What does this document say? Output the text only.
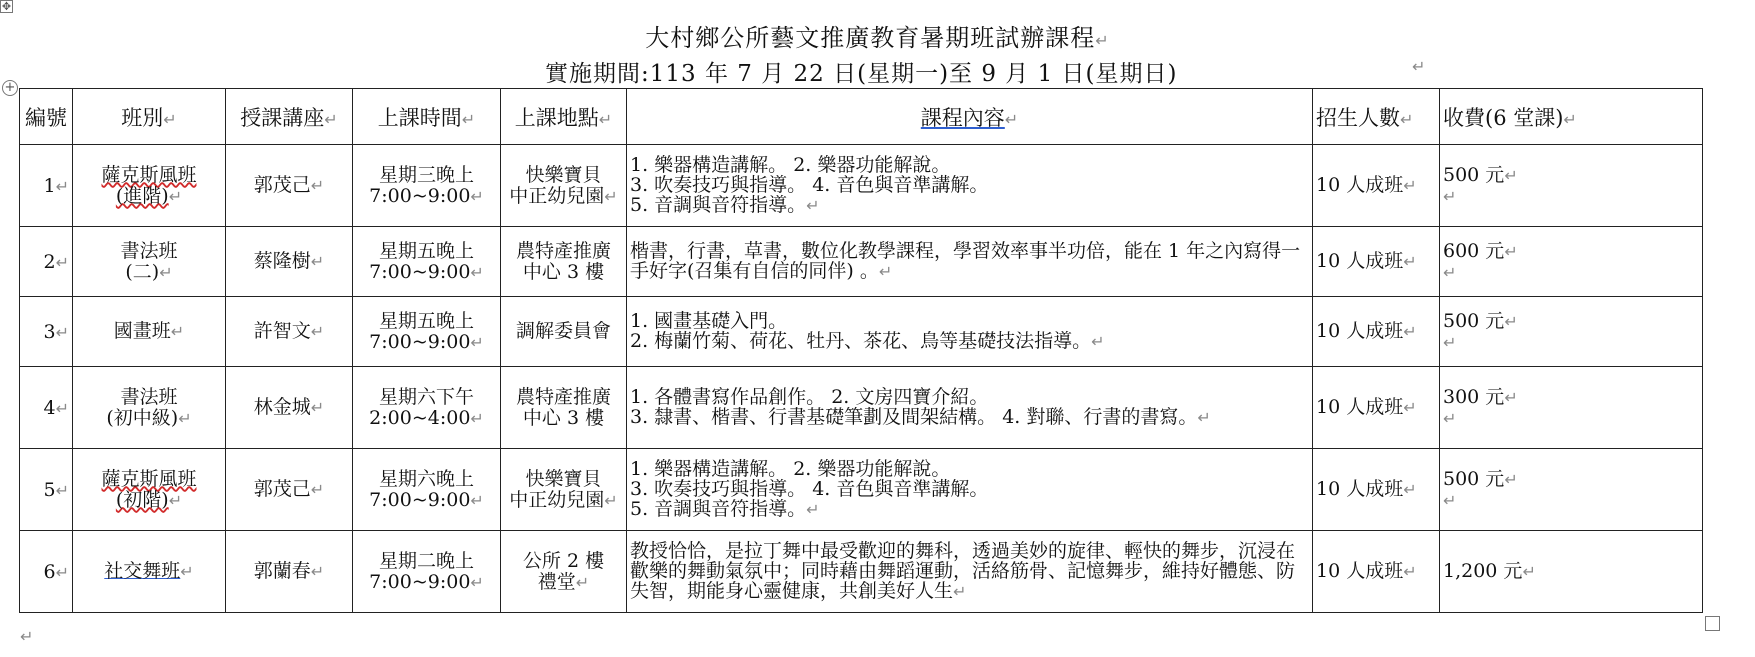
✥
+
大村鄉公所藝文推廣教育暑期班試辦課程↵
實施期間:113 年 7 月 22 日(星期一)至 9 月 1 日(星期日)	↵
編號	班別↵	授課講座↵	上課時間↵	上課地點↵	課程內容↵	招生人數↵	收費(6 堂課)↵
1↵	薩克斯風班
(進階)↵	郭茂己↵	星期三晚上
7:00~9:00↵	快樂寶貝
中正幼兒園↵	1. 樂器構造講解。 2. 樂器功能解說。
3. 吹奏技巧與指導。 4. 音色與音準講解。
5. 音調與音符指導。↵	10 人成班↵	500 元↵
↵
2↵	書法班
(二)↵	蔡隆樹↵	星期五晚上
7:00~9:00↵	農特產推廣
中心 3 樓	楷書，行書，草書，數位化教學課程，學習效率事半功倍，能在 1 年之內寫得一手好字(召集有自信的同伴) 。↵	10 人成班↵	600 元↵
↵
3↵	國畫班↵	許智文↵	星期五晚上
7:00~9:00↵	調解委員會	1. 國畫基礎入門。
2. 梅蘭竹菊、荷花、牡丹、茶花、鳥等基礎技法指導。↵	10 人成班↵	500 元↵
↵
4↵	書法班
(初中級)↵	林金城↵	星期六下午
2:00~4:00↵	農特產推廣
中心 3 樓	1. 各體書寫作品創作。 2. 文房四寶介紹。
3. 隸書、楷書、行書基礎筆劃及間架結構。 4. 對聯、行書的書寫。↵	10 人成班↵	300 元↵
↵
5↵	薩克斯風班
(初階)↵	郭茂己↵	星期六晚上
7:00~9:00↵	快樂寶貝
中正幼兒園↵	1. 樂器構造講解。 2. 樂器功能解說。
3. 吹奏技巧與指導。 4. 音色與音準講解。
5. 音調與音符指導。↵	10 人成班↵	500 元↵
↵
6↵	社交舞班↵	郭蘭春↵	星期二晚上
7:00~9:00↵	公所 2 樓
禮堂↵	教授恰恰，是拉丁舞中最受歡迎的舞科，透過美妙的旋律、輕快的舞步，沉浸在歡樂的舞動氣氛中；同時藉由舞蹈運動，活絡筋骨、記憶舞步，維持好體態、防失智，期能身心靈健康，共創美好人生↵	10 人成班↵	1,200 元↵
↵
